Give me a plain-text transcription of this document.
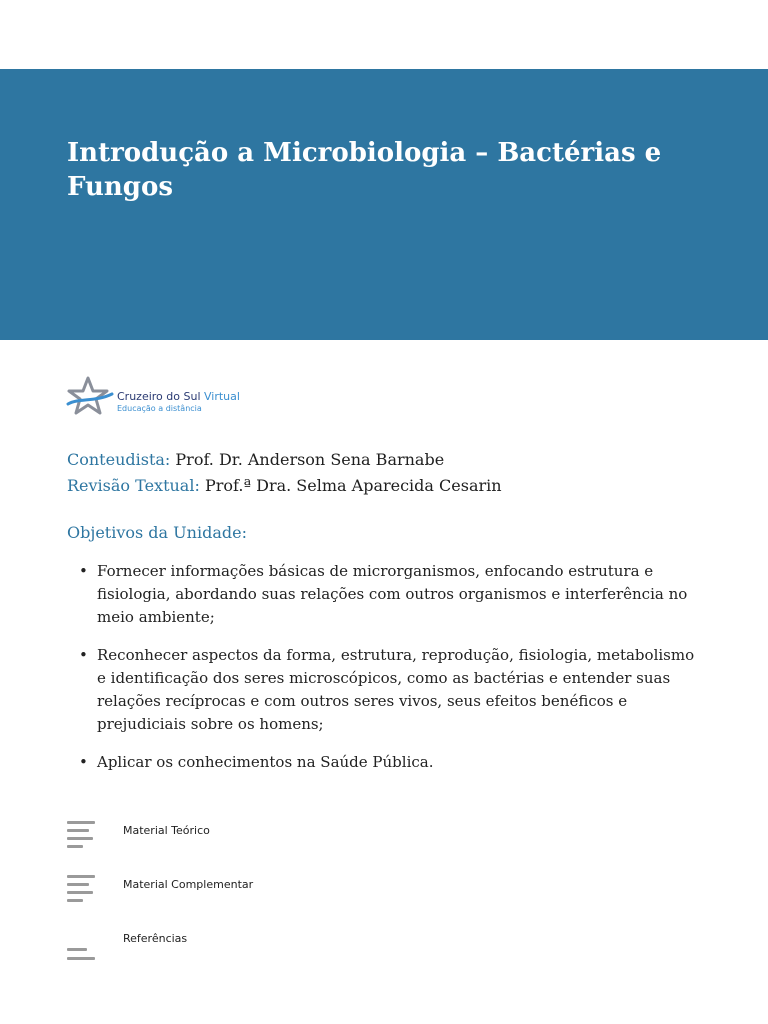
Introdução a Microbiologia – Bactérias e Fungos
Cruzeiro do Sul Virtual
Educação a distância
Conteudista: Prof. Dr. Anderson Sena Barnabe
Revisão Textual: Prof.ª Dra. Selma Aparecida Cesarin
Objetivos da Unidade:
• Fornecer informações básicas de microrganismos, enfocando estrutura e fisiologia, abordando suas relações com outros organismos e interferência no meio ambiente;
• Reconhecer aspectos da forma, estrutura, reprodução, fisiologia, metabolismo e identificação dos seres microscópicos, como as bactérias e entender suas relações recíprocas e com outros seres vivos, seus efeitos benéficos e prejudiciais sobre os homens;
• Aplicar os conhecimentos na Saúde Pública.
Material Teórico
Material Complementar
Referências
